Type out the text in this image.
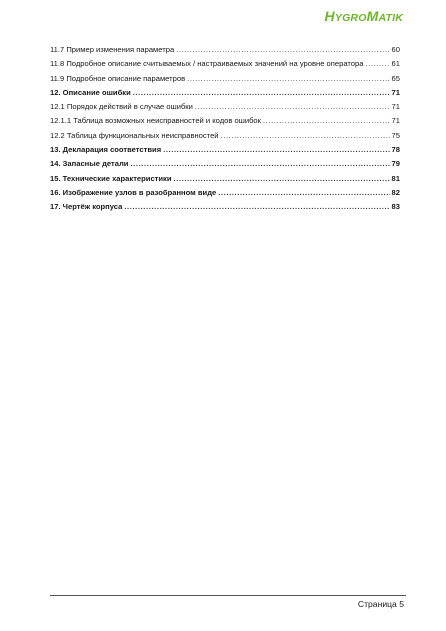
HYGROMATIK
11.7 Пример изменения параметра .....	60
11.8 Подробное описание считываемых / настраиваемых значений на уровне оператора .....	61
11.9 Подробное описание параметров .....	65
12. Описание ошибки .....	71
12.1 Порядок действий в случае ошибки .....	71
12.1.1 Таблица возможных неисправностей и кодов ошибок .....	71
12.2 Таблица функциональных неисправностей .....	75
13. Декларация соответствия .....	78
14. Запасные детали .....	79
15. Технические характеристики .....	81
16. Изображение узлов в разобранном виде .....	82
17. Чертёж корпуса .....	83
Страница 5
